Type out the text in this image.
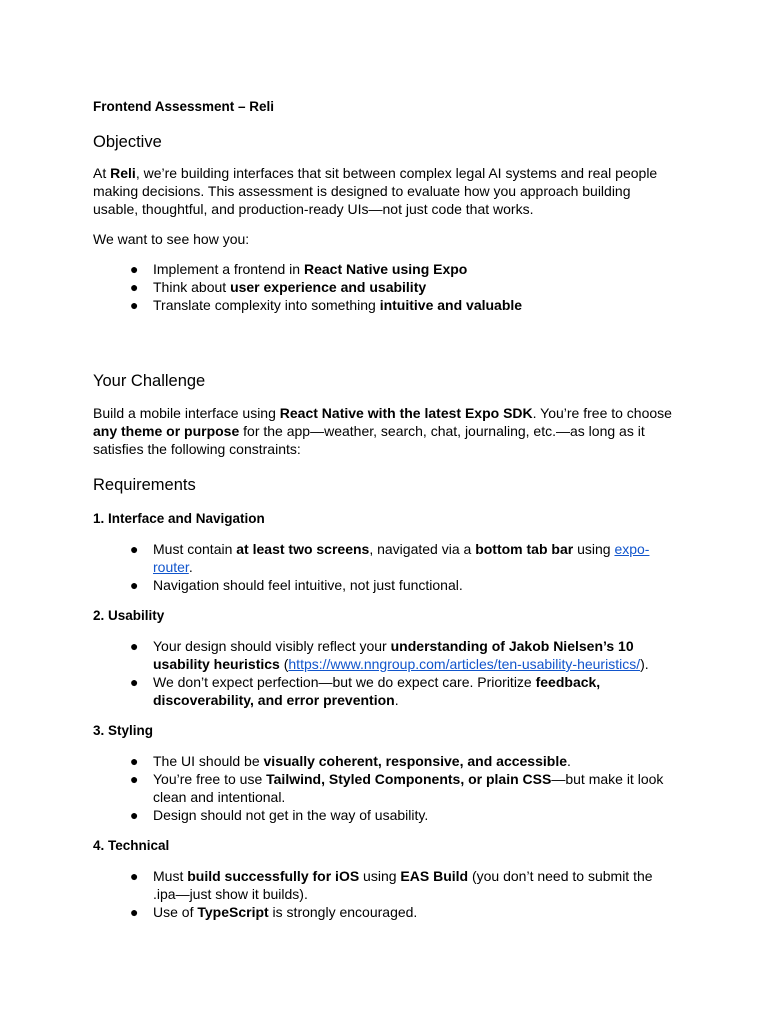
Frontend Assessment – Reli
Objective

At Reli, we’re building interfaces that sit between complex legal AI systems and real people making decisions. This assessment is designed to evaluate how you approach building usable, thoughtful, and production-ready UIs—not just code that works.

We want to see how you:

● Implement a frontend in React Native using Expo
● Think about user experience and usability
● Translate complexity into something intuitive and valuable
Your Challenge

Build a mobile interface using React Native with the latest Expo SDK. You’re free to choose any theme or purpose for the app—weather, search, chat, journaling, etc.—as long as it satisfies the following constraints:

Requirements
1. Interface and Navigation
● Must contain at least two screens, navigated via a bottom tab bar using expo-router.
● Navigation should feel intuitive, not just functional.
2. Usability
● Your design should visibly reflect your understanding of Jakob Nielsen’s 10 usability heuristics (https://www.nngroup.com/articles/ten-usability-heuristics/).
● We don’t expect perfection—but we do expect care. Prioritize feedback, discoverability, and error prevention.
3. Styling
● The UI should be visually coherent, responsive, and accessible.
● You’re free to use Tailwind, Styled Components, or plain CSS—but make it look clean and intentional.
● Design should not get in the way of usability.
4. Technical
● Must build successfully for iOS using EAS Build (you don’t need to submit the .ipa—just show it builds).
● Use of TypeScript is strongly encouraged.
